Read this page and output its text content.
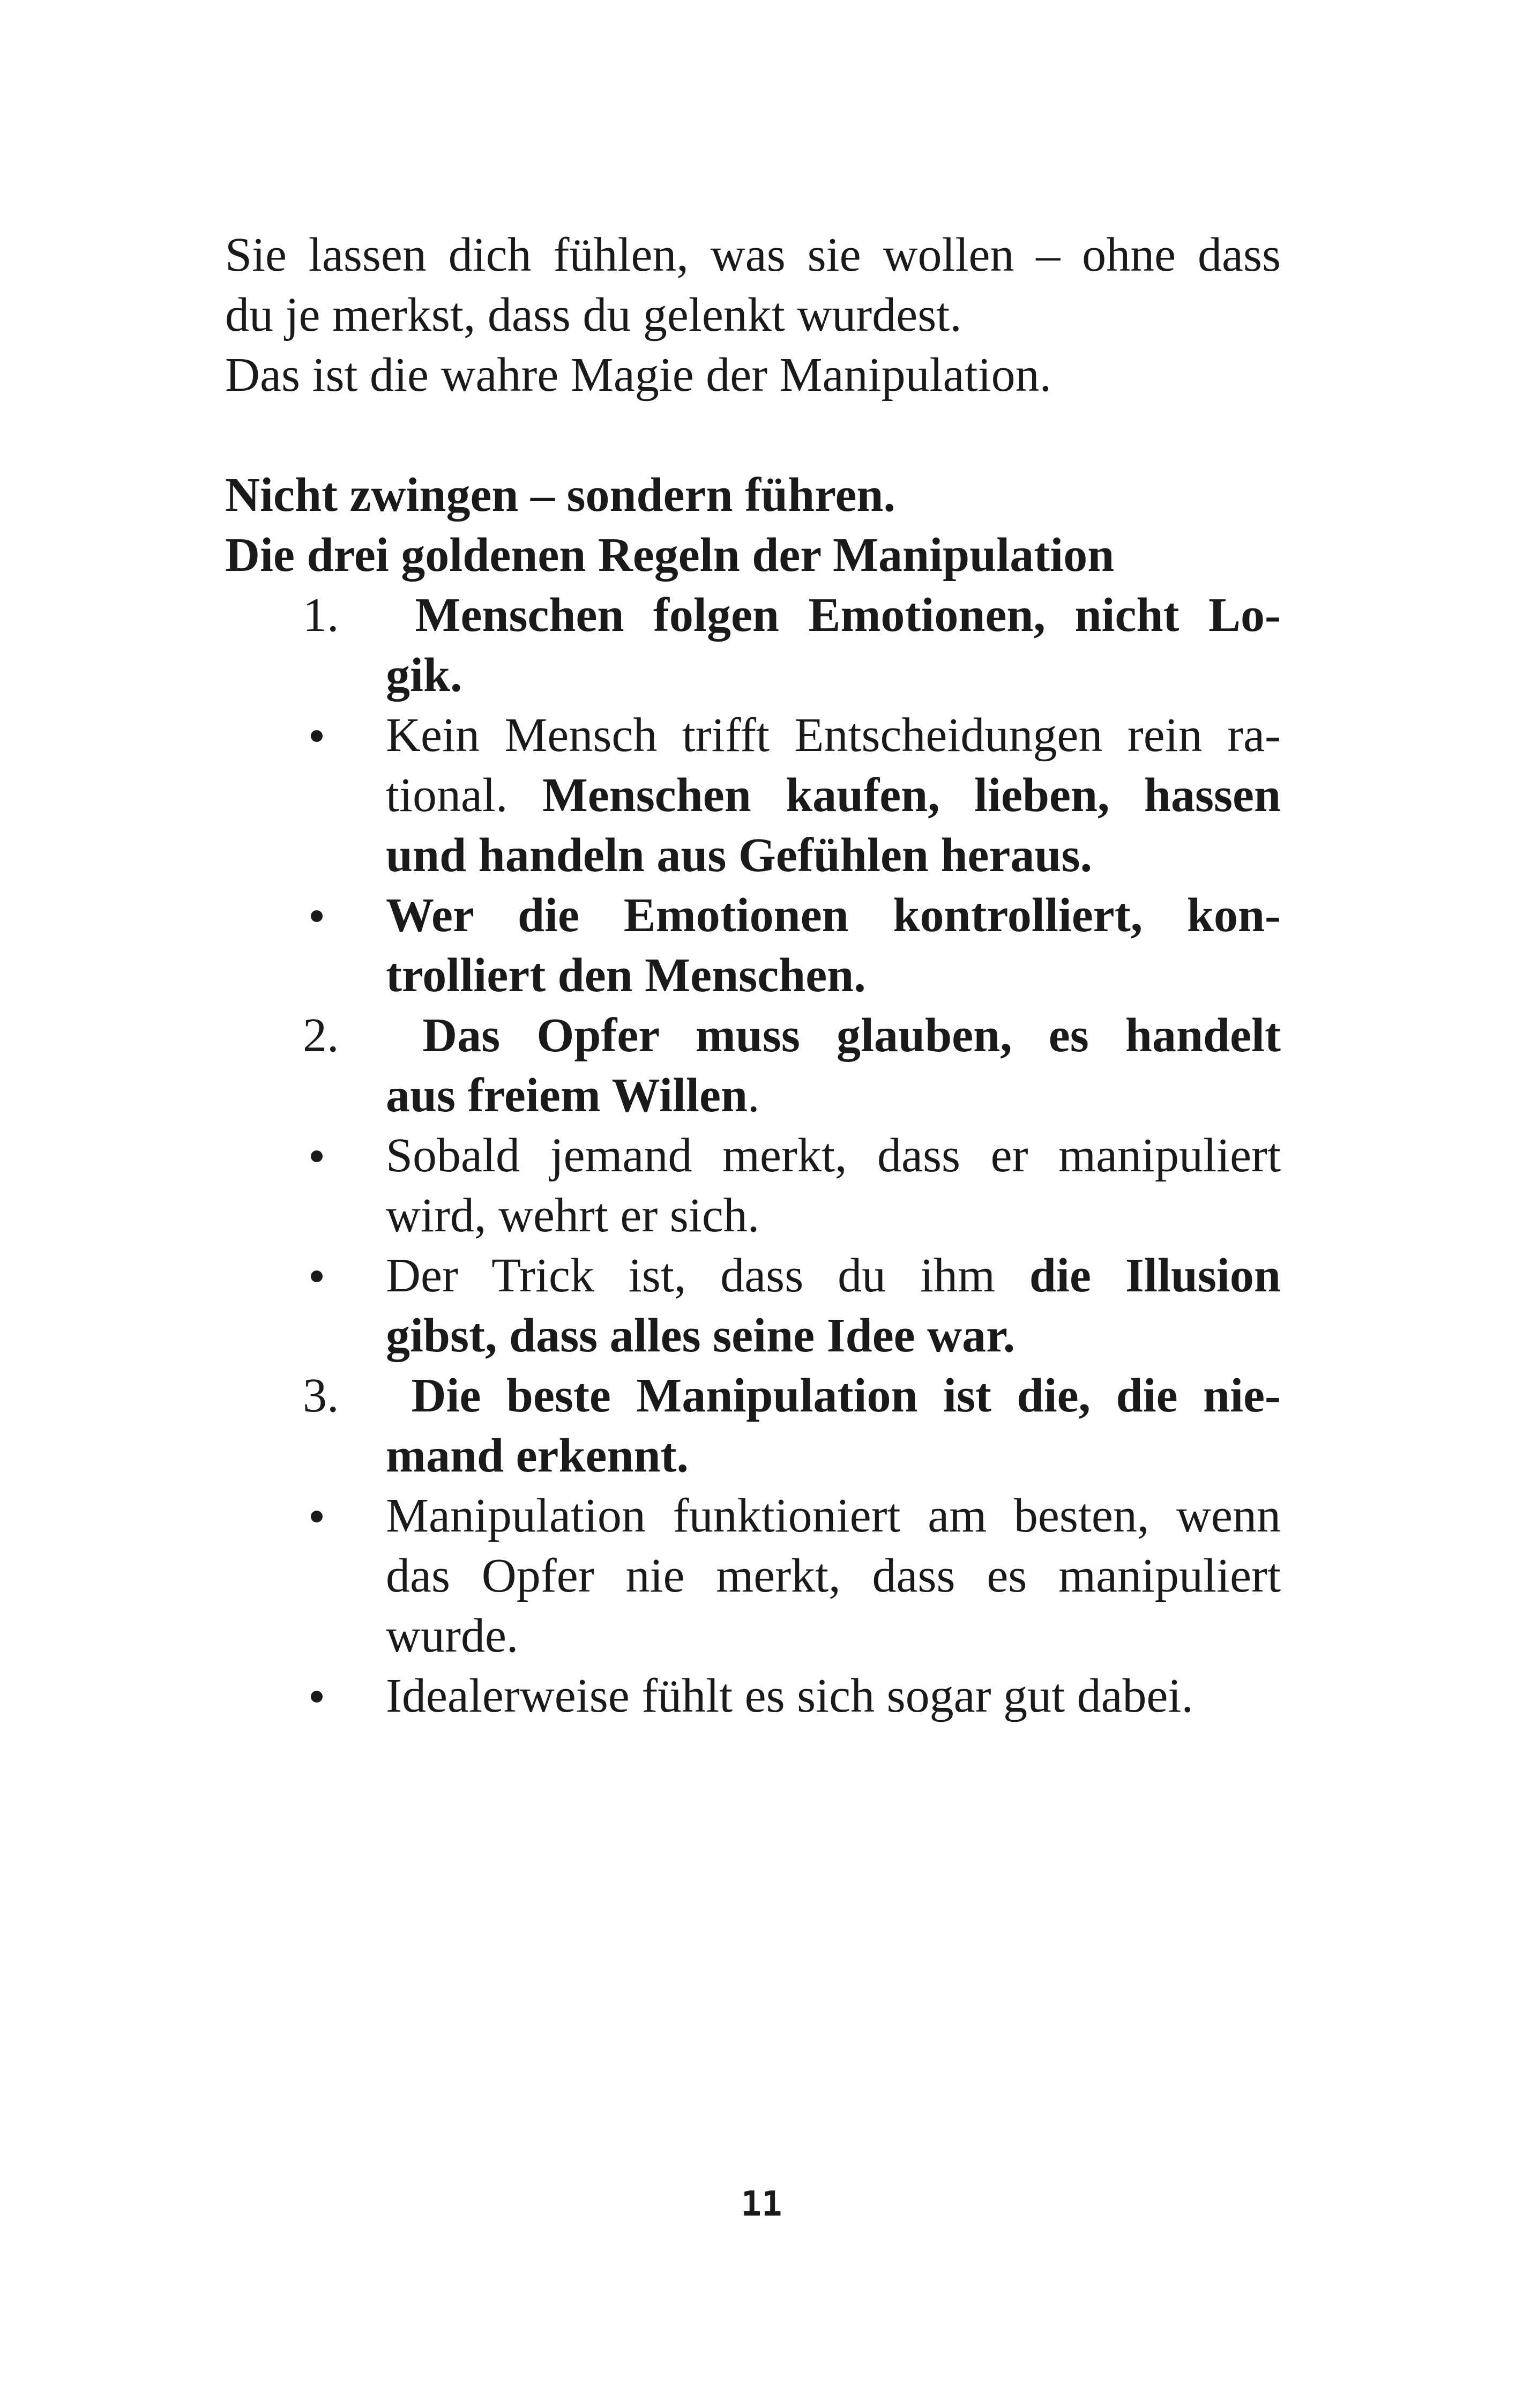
Sie lassen dich fühlen, was sie wollen – ohne dass
du je merkst, dass du gelenkt wurdest.
Das ist die wahre Magie der Manipulation.

Nicht zwingen – sondern führen.

Die drei goldenen Regeln der Manipulation

1. Menschen folgen Emotionen, nicht Lo-
gik.
Kein Mensch trifft Entscheidungen rein ra-
tional. Menschen kaufen, lieben, hassen
und handeln aus Gefühlen heraus.
Wer die Emotionen kontrolliert, kon-
trolliert den Menschen.
2. Das Opfer muss glauben, es handelt
aus freiem Willen.
Sobald jemand merkt, dass er manipuliert
wird, wehrt er sich.
Der Trick ist, dass du ihm die Illusion
gibst, dass alles seine Idee war.
3. Die beste Manipulation ist die, die nie-
mand erkennt.
Manipulation funktioniert am besten, wenn
das Opfer nie merkt, dass es manipuliert
wurde.
Idealerweise fühlt es sich sogar gut dabei.
11
